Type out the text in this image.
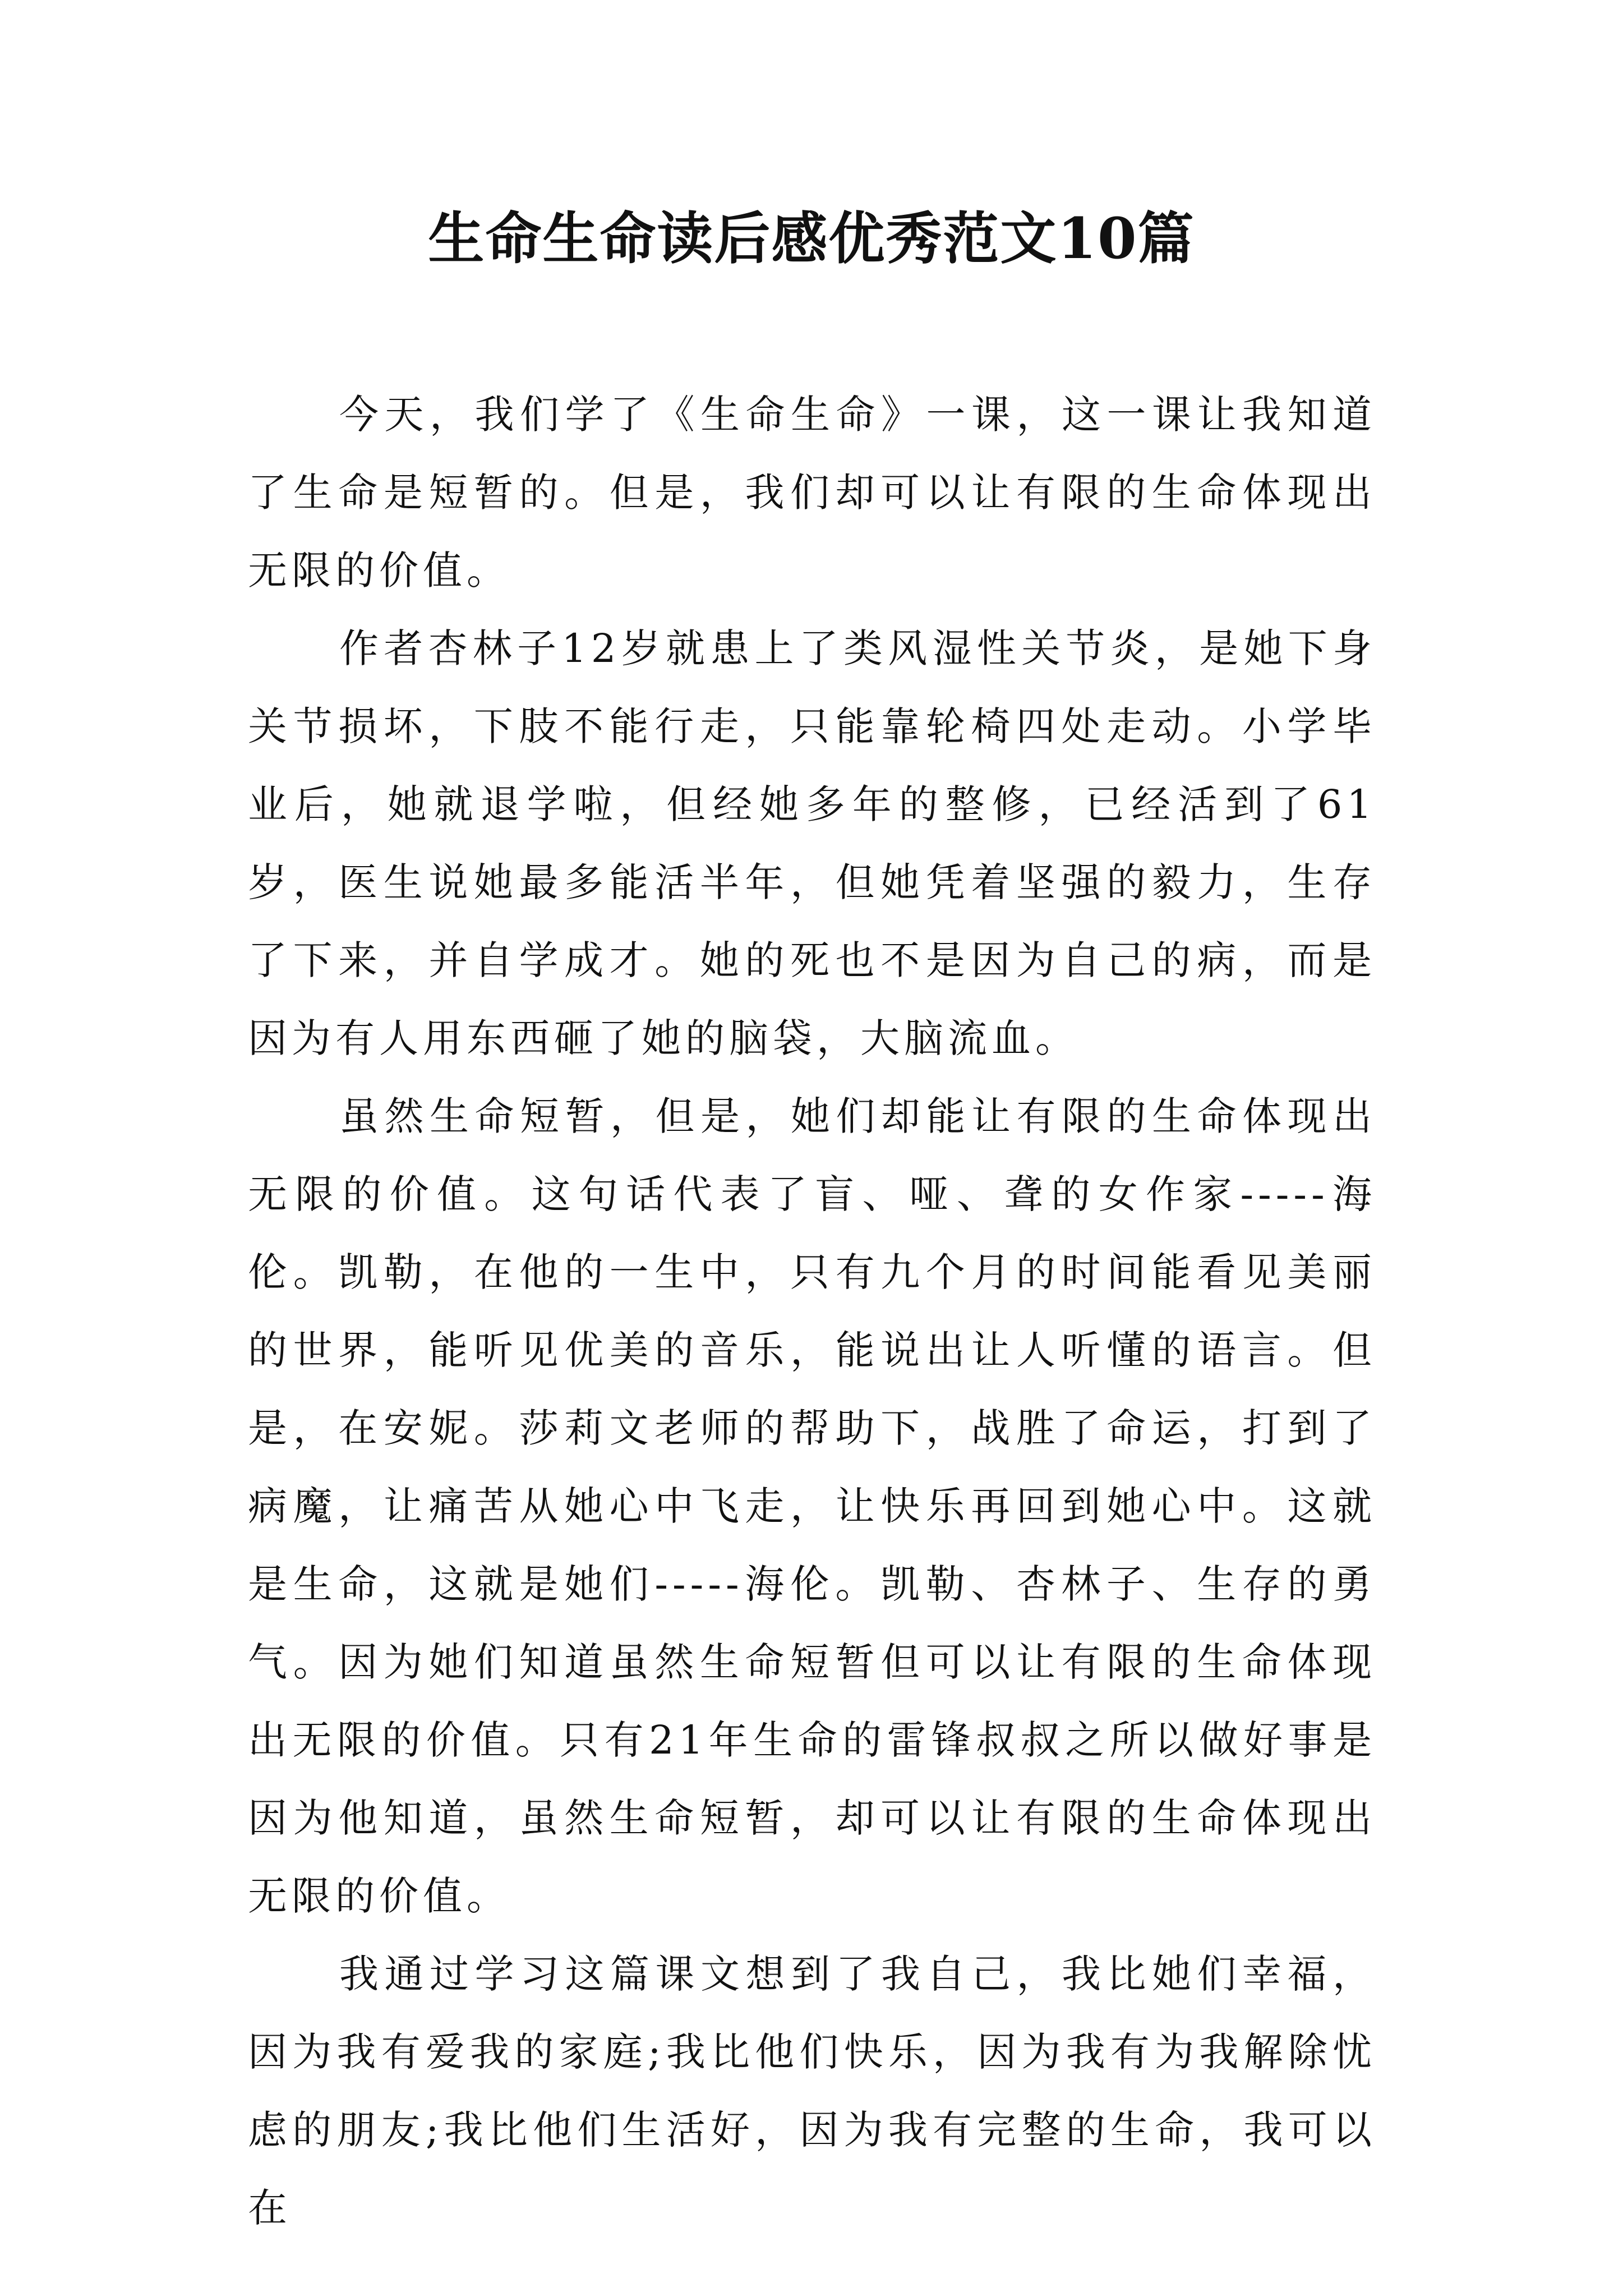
生命生命读后感优秀范文10篇

今天，我们学了《生命生命》一课，这一课让我知道了生命是短暂的。但是，我们却可以让有限的生命体现出无限的价值。

作者杏林子12岁就患上了类风湿性关节炎，是她下身关节损坏，下肢不能行走，只能靠轮椅四处走动。小学毕业后，她就退学啦，但经她多年的整修，已经活到了61岁，医生说她最多能活半年，但她凭着坚强的毅力，生存了下来，并自学成才。她的死也不是因为自己的病，而是因为有人用东西砸了她的脑袋，大脑流血。

虽然生命短暂，但是，她们却能让有限的生命体现出无限的价值。这句话代表了盲、哑、聋的女作家-----海伦。凯勒，在他的一生中，只有九个月的时间能看见美丽的世界，能听见优美的音乐，能说出让人听懂的语言。但是，在安妮。莎莉文老师的帮助下，战胜了命运，打到了病魔，让痛苦从她心中飞走，让快乐再回到她心中。这就是生命，这就是她们-----海伦。凯勒、杏林子、生存的勇气。因为她们知道虽然生命短暂但可以让有限的生命体现出无限的价值。只有21年生命的雷锋叔叔之所以做好事是因为他知道，虽然生命短暂，却可以让有限的生命体现出无限的价值。

我通过学习这篇课文想到了我自己，我比她们幸福，因为我有爱我的家庭;我比他们快乐，因为我有为我解除忧虑的朋友;我比他们生活好，因为我有完整的生命，我可以在
